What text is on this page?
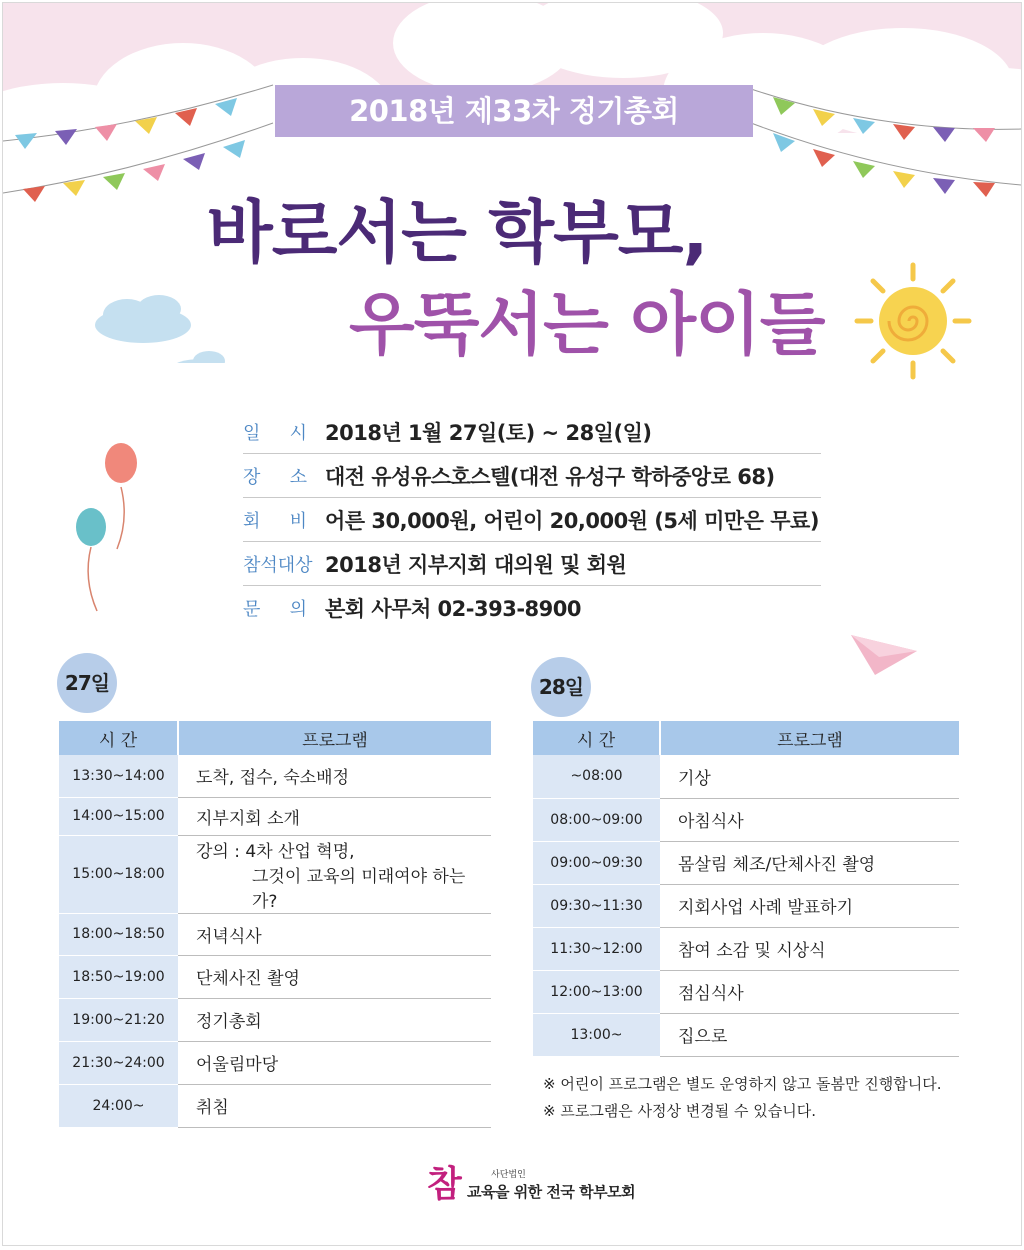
2018년 제33차 정기총회
바로서는 학부모,
우뚝서는 아이들
일 시 2018년 1월 27일(토) ~ 28일(일)
장 소 대전 유성유스호스텔(대전 유성구 학하중앙로 68)
회 비 어른 30,000원, 어린이 20,000원 (5세 미만은 무료)
참석대상 2018년 지부지회 대의원 및 회원
문 의 본회 사무처 02-393-8900
27일
시 간	프로그램
13:30~14:00	도착, 접수, 숙소배정
14:00~15:00	지부지회 소개
15:00~18:00	강의 : 4차 산업 혁명,
그것이 교육의 미래여야 하는가?

18:00~18:50	저녁식사
18:50~19:00	단체사진 촬영
19:00~21:20	정기총회
21:30~24:00	어울림마당
24:00~	취침
28일
시 간	프로그램
~08:00	기상
08:00~09:00	아침식사
09:00~09:30	몸살림 체조/단체사진 촬영
09:30~11:30	지회사업 사례 발표하기
11:30~12:00	참여 소감 및 시상식
12:00~13:00	점심식사
13:00~	집으로
※ 어린이 프로그램은 별도 운영하지 않고 돌봄만 진행합니다.
※ 프로그램은 사정상 변경될 수 있습니다.
참	사단법인
교육을 위한 전국 학부모회
